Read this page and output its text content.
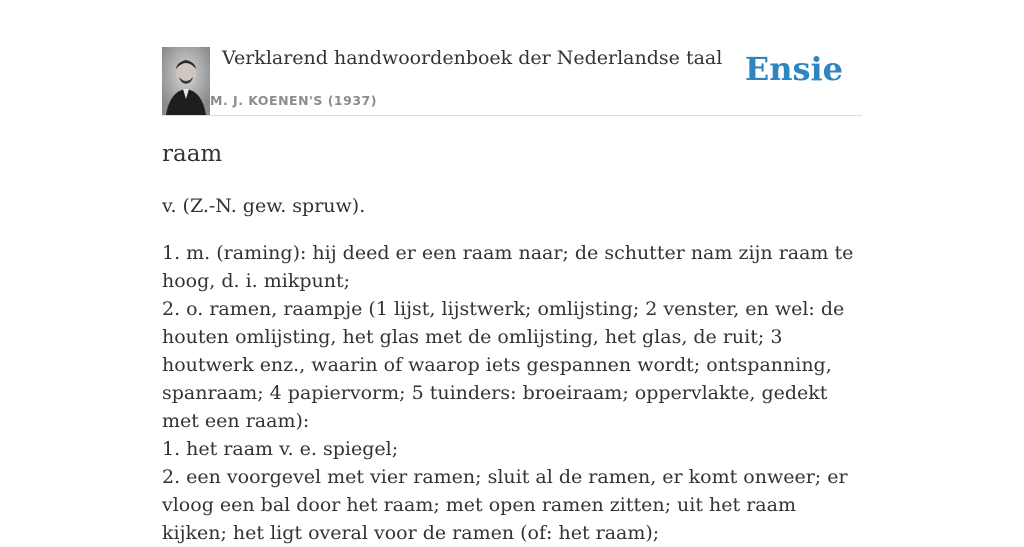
Verklarend handwoordenboek der Nederlandse taal
M. J. KOENEN'S (1937)
Ensie
raam

v. (Z.-N. gew. spruw).

1. m. (raming): hij deed er een raam naar; de schutter nam zijn raam te hoog, d. i. mikpunt;

2. o. ramen, raampje (1 lijst, lijstwerk; omlijsting; 2 venster, en wel: de houten omlijsting, het glas met de omlijsting, het glas, de ruit; 3 houtwerk enz., waarin of waarop iets gespannen wordt; ontspanning, spanraam; 4 papiervorm; 5 tuinders: broeiraam; oppervlakte, gedekt met een raam):

1. het raam v. e. spiegel;

2. een voorgevel met vier ramen; sluit al de ramen, er komt onweer; er vloog een bal door het raam; met open ramen zitten; uit het raam kijken; het ligt overal voor de ramen (of: het raam);
